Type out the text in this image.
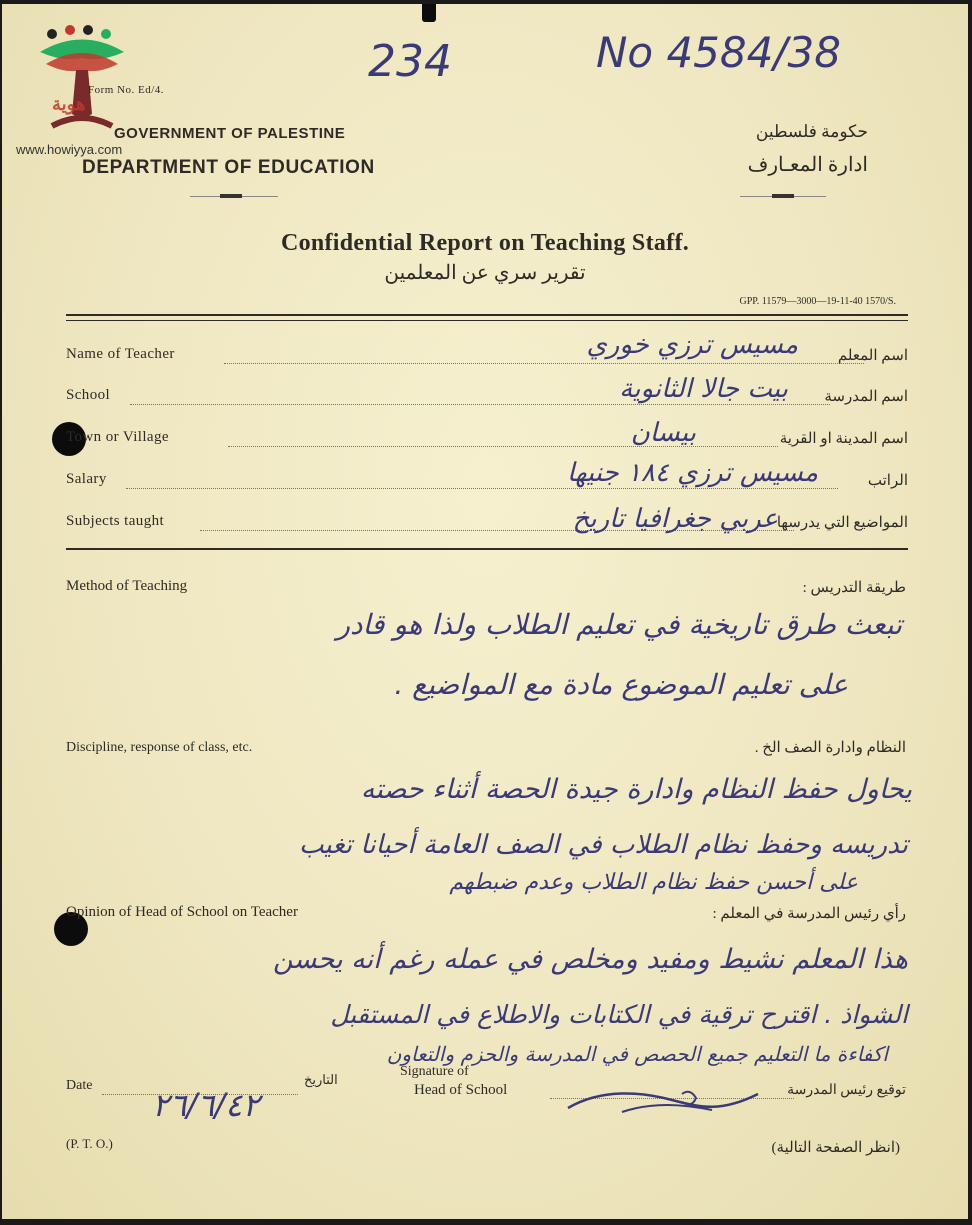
هوية
www.howiyya.com
Form No. Ed/4.
GOVERNMENT OF PALESTINE
DEPARTMENT OF EDUCATION
حكومة فلسطين
ادارة المعـارف
234	No 4584/38
Confidential Report on Teaching Staff.
تقرير سري عن المعلمين
GPP. 11579—3000—19-11-40 1570/S.
Name of Teacher	اسم المعلم
مسيس ترزي خوري
School	اسم المدرسة
بيت جالا الثانوية
Town or Village	اسم المدينة او القرية
بيسان
Salary	الراتب
مسيس ترزي ١٨٤ جنيها
Subjects taught	المواضيع التي يدرسها
عربي جغرافيا تاريخ
Method of Teaching	طريقة التدريس :
تبعث طرق تاريخية في تعليم الطلاب ولذا هو قادر
على تعليم الموضوع مادة مع المواضيع .
Discipline, response of class, etc.	النظام وادارة الصف الخ .
يحاول حفظ النظام وادارة جيدة الحصة أثناء حصته
تدريسه وحفظ نظام الطلاب في الصف العامة أحيانا تغيب
على أحسن حفظ نظام الطلاب وعدم ضبطهم
Opinion of Head of School on Teacher	رأي رئيس المدرسة في المعلم :
هذا المعلم نشيط ومفيد ومخلص في عمله رغم أنه يحسن
الشواذ . اقترح ترقية في الكتابات والاطلاع في المستقبل
اكفاءة ما التعليم جميع الحصص في المدرسة والحزم والتعاون
Date	التاريخ
٢٦/٦/٤٢
Signature of
Head of School	توقيع رئيس المدرسة
(P. T. O.)	(انظر الصفحة التالية)
